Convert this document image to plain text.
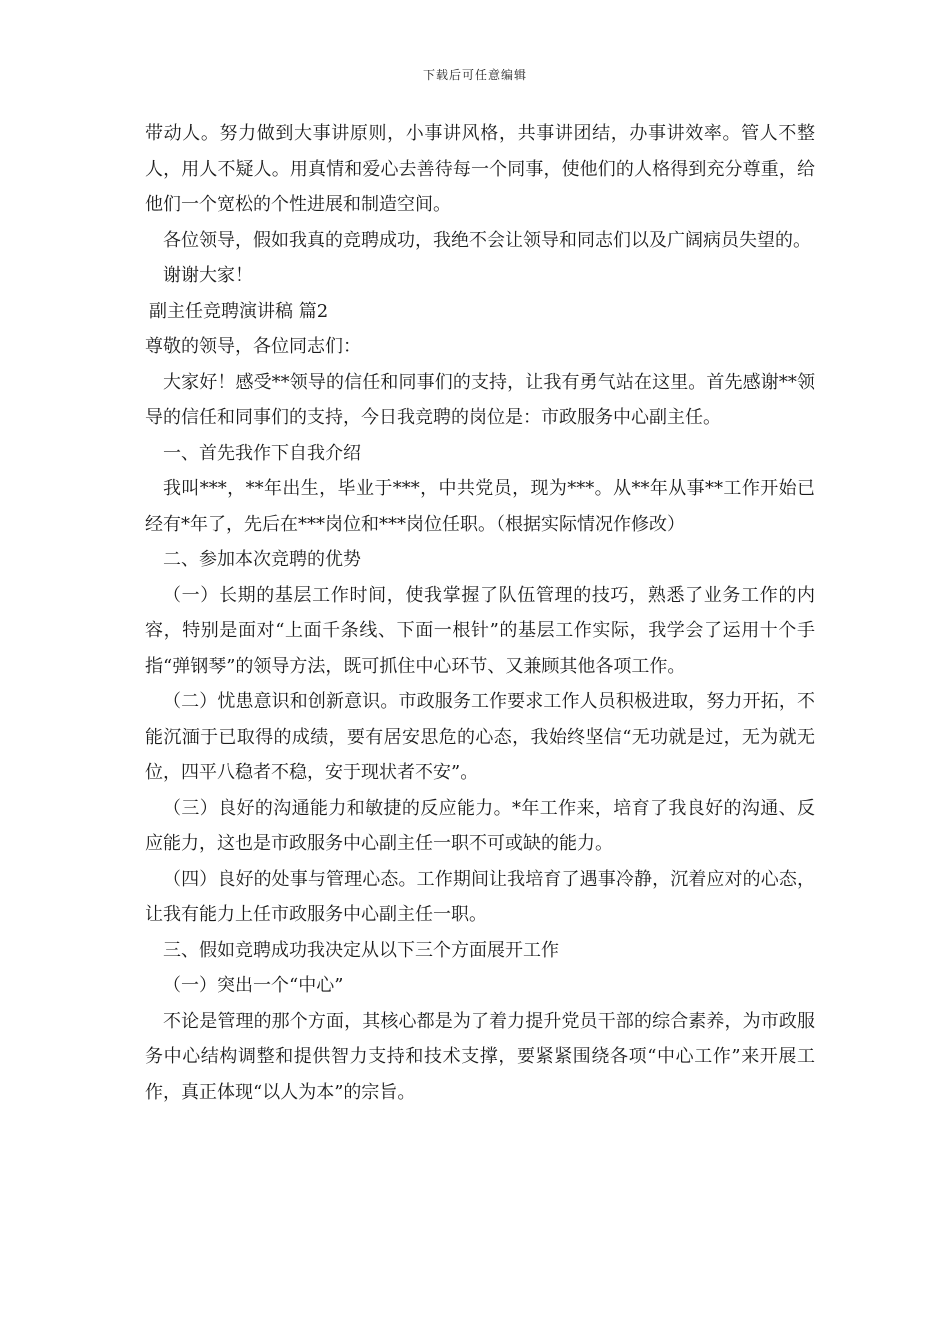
下载后可任意编辑

带动人。努力做到大事讲原则，小事讲风格，共事讲团结，办事讲效率。管人不整人，用人不疑人。用真情和爱心去善待每一个同事，使他们的人格得到充分尊重，给他们一个宽松的个性进展和制造空间。

各位领导，假如我真的竞聘成功，我绝不会让领导和同志们以及广阔病员失望的。

谢谢大家！

副主任竞聘演讲稿 篇2

尊敬的领导，各位同志们：

大家好！感受**领导的信任和同事们的支持，让我有勇气站在这里。首先感谢**领导的信任和同事们的支持，今日我竞聘的岗位是：市政服务中心副主任。

一、首先我作下自我介绍

我叫***，**年出生，毕业于***，中共党员，现为***。从**年从事**工作开始已经有*年了，先后在***岗位和***岗位任职。（根据实际情况作修改）

二、参加本次竞聘的优势

（一）长期的基层工作时间，使我掌握了队伍管理的技巧，熟悉了业务工作的内容，特别是面对“上面千条线、下面一根针”的基层工作实际，我学会了运用十个手指“弹钢琴”的领导方法，既可抓住中心环节、又兼顾其他各项工作。

（二）忧患意识和创新意识。市政服务工作要求工作人员积极进取，努力开拓，不能沉湎于已取得的成绩，要有居安思危的心态，我始终坚信“无功就是过，无为就无位，四平八稳者不稳，安于现状者不安”。

（三）良好的沟通能力和敏捷的反应能力。*年工作来，培育了我良好的沟通、反应能力，这也是市政服务中心副主任一职不可或缺的能力。

（四）良好的处事与管理心态。工作期间让我培育了遇事冷静，沉着应对的心态，让我有能力上任市政服务中心副主任一职。

三、假如竞聘成功我决定从以下三个方面展开工作

（一）突出一个“中心”

不论是管理的那个方面，其核心都是为了着力提升党员干部的综合素养，为市政服务中心结构调整和提供智力支持和技术支撑，要紧紧围绕各项“中心工作”来开展工作，真正体现“以人为本”的宗旨。
